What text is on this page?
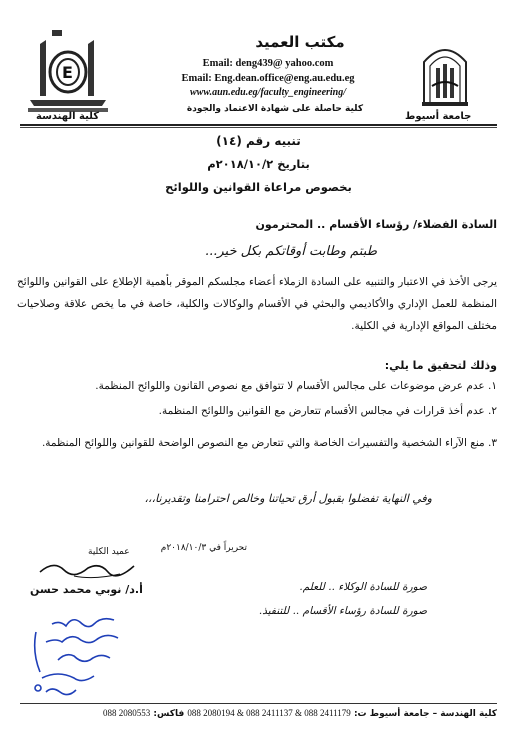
E
كلية الهندسة	جامعة أسيوط
مكتب العميد
Email: deng439@ yahoo.com
Email: Eng.dean.office@eng.au.edu.eg
www.aun.edu.eg/faculty_engineering/
كلية حاصلة على شهادة الاعتماد والجودة
تنبيه رقم (١٤)
بتاريخ ٢٠١٨/١٠/٢م
بخصوص مراعاة القوانين واللوائح
السادة الفضلاء/ رؤساء الأقسام .. المحترمون
طبتم وطابت أوقاتكم بكل خير...
يرجى الأخذ في الاعتبار والتنبيه على السادة الزملاء أعضاء مجلسكم الموقر بأهمية الإطلاع على القوانين واللوائح المنظمة للعمل الإداري والأكاديمي والبحثي في الأقسام والوكالات والكلية، خاصة في ما يخص علاقة وصلاحيات مختلف المواقع الإدارية في الكلية.
وذلك لتحقيق ما يلي:
١. عدم عرض موضوعات على مجالس الأقسام لا تتوافق مع نصوص القانون واللوائح المنظمة.
٢. عدم أخذ قرارات في مجالس الأقسام تتعارض مع القوانين واللوائح المنظمة.
٣. منع الآراء الشخصية والتفسيرات الخاصة والتي تتعارض مع النصوص الواضحة للقوانين واللوائح المنظمة.
وفي النهاية تفضلوا بقبول أرق تحياتنا وخالص احترامنا وتقديرنا،،،
تحريراً في ٢٠١٨/١٠/٣م
عميد الكلية
أ.د/ نوبي محمد حسن	صورة للسادة الوكلاء .. للعلم.
صورة للسادة رؤساء الأقسام .. للتنفيذ.
كلية الهندسة – جامعة أسيوط ت: 088 2080194 & 088 2411137 & 088 2411179 فاكس: 088 2080553
